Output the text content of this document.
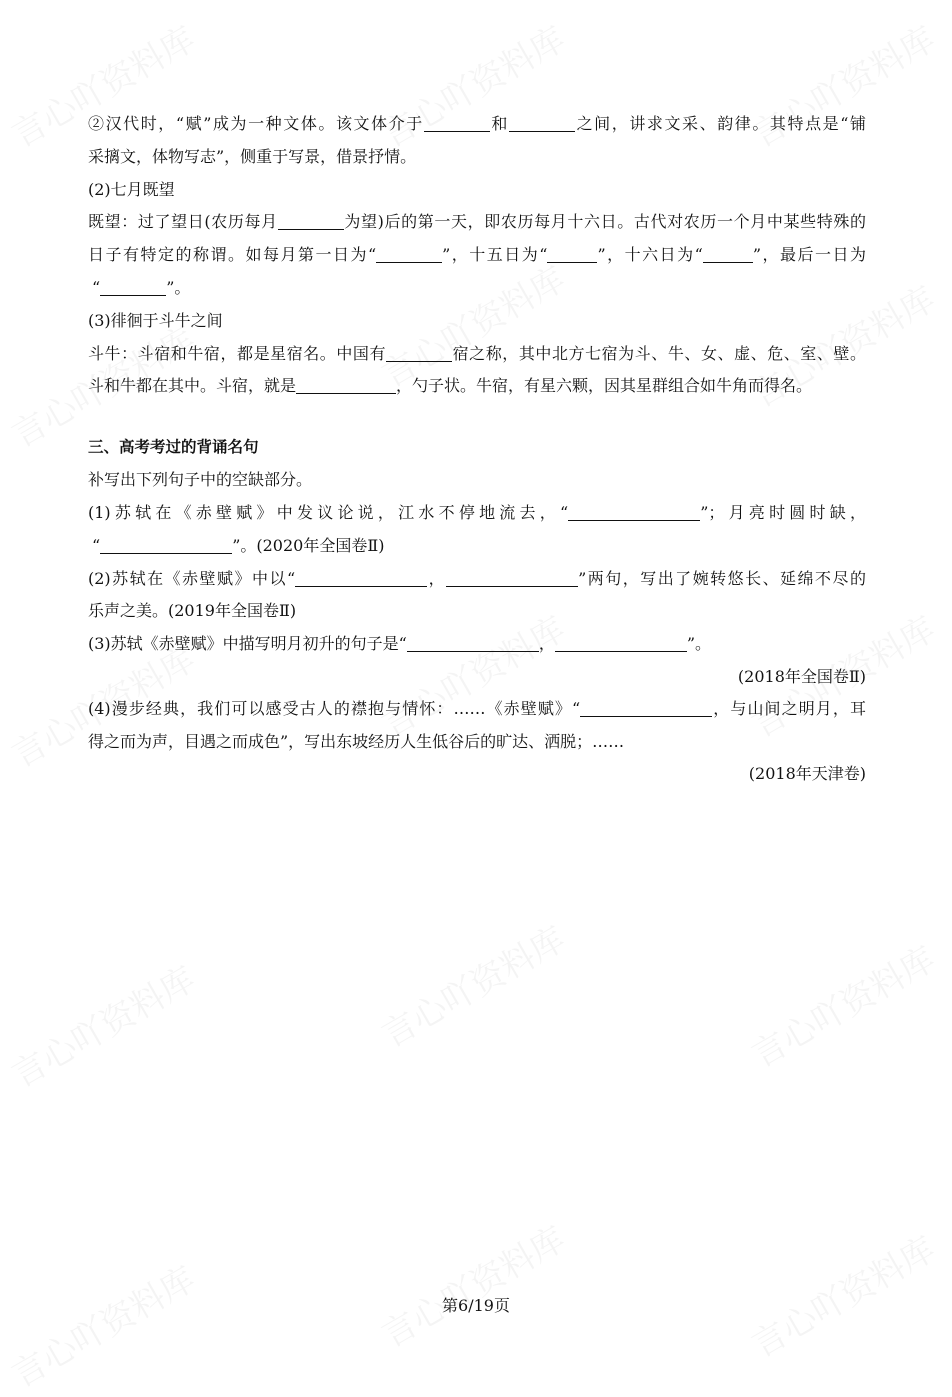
②汉代时，“赋”成为一种文体。该文体介于	和	之间，讲求文采、韵律。其特点是“铺
采摛文，体物写志”，侧重于写景，借景抒情。
(2)七月既望
既望：过了望日(农历每月	为望)后的第一天，即农历每月十六日。古代对农历一个月中某些特殊的
日子有特定的称谓。如每月第一日为“	”，十五日为“	”，十六日为“	”，最后一日为
“	”。
(3)徘徊于斗牛之间
斗牛：斗宿和牛宿，都是星宿名。中国有	宿之称，其中北方七宿为斗、牛、女、虚、危、室、壁。
斗和牛都在其中。斗宿，就是	，勺子状。牛宿，有星六颗，因其星群组合如牛角而得名。
三、高考考过的背诵名句
补写出下列句子中的空缺部分。
(1)苏轼在《赤壁赋》中发议论说，江水不停地流去，“	”；月亮时圆时缺，
“	”。(2020年全国卷Ⅱ)
(2)苏轼在《赤壁赋》中以“	，	”两句，写出了婉转悠长、延绵不尽的
乐声之美。(2019年全国卷Ⅱ)
(3)苏轼《赤壁赋》中描写明月初升的句子是“	，	”。
(2018年全国卷Ⅱ)
(4)漫步经典，我们可以感受古人的襟抱与情怀：……《赤壁赋》“	，与山间之明月，耳
得之而为声，目遇之而成色”，写出东坡经历人生低谷后的旷达、洒脱；……
(2018年天津卷)
第6/19页
